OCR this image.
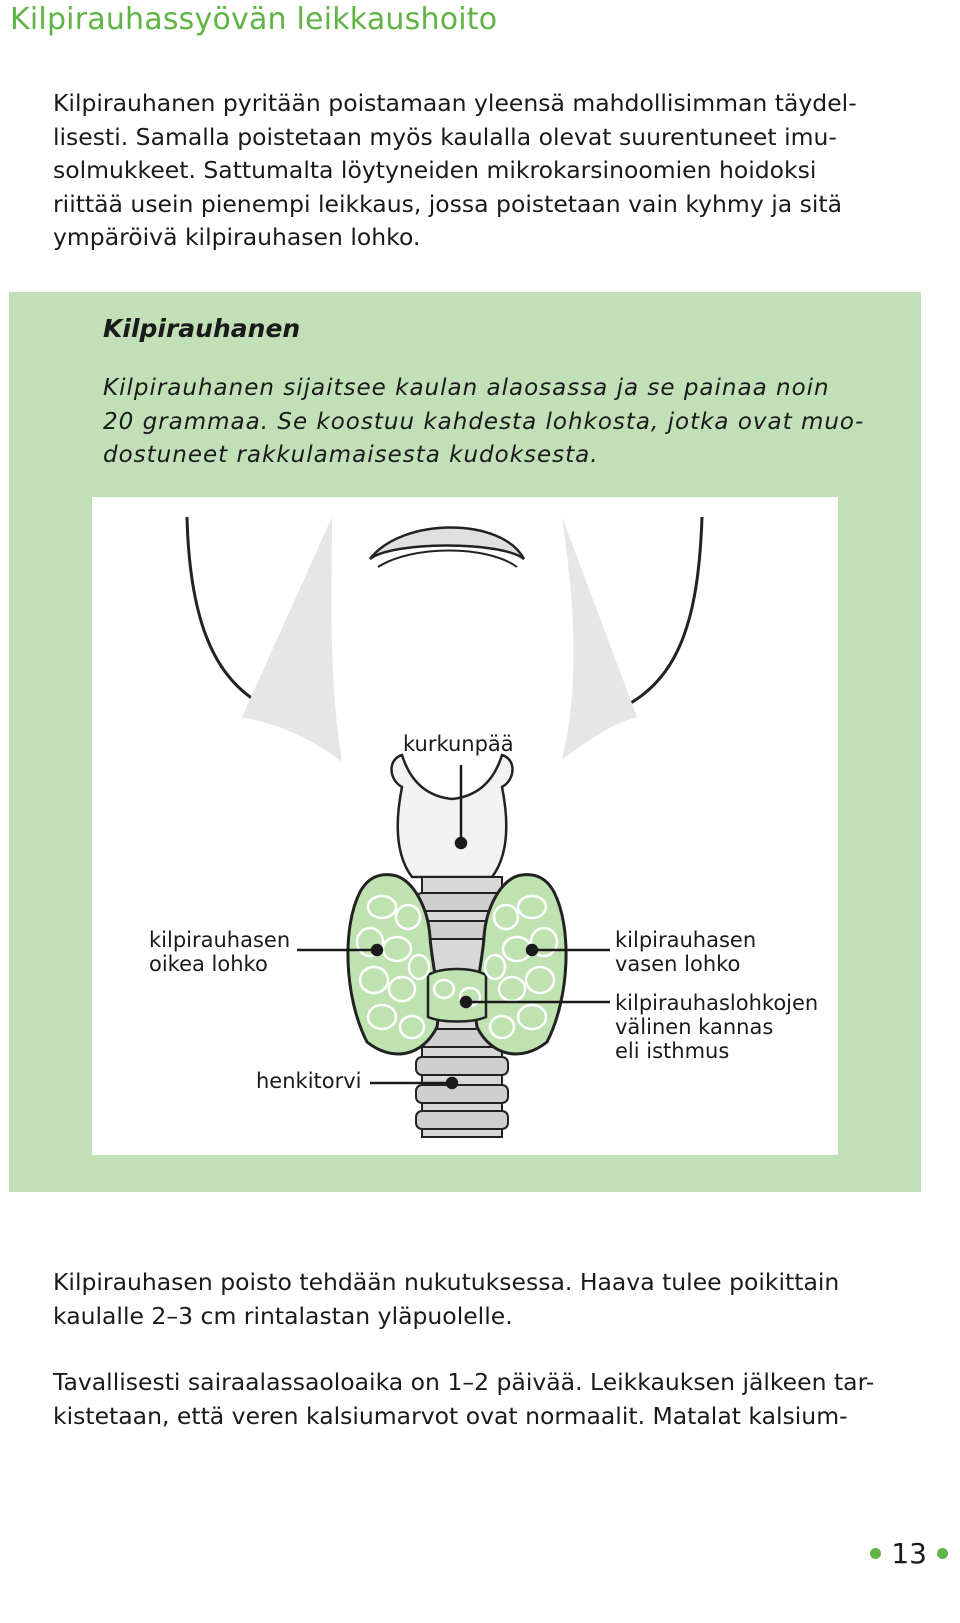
Kilpirauhassyövän leikkaushoito

Kilpirauhanen pyritään poistamaan yleensä mahdollisimman täydel-
lisesti. Samalla poistetaan myös kaulalla olevat suurentuneet imu-
solmukkeet. Sattumalta löytyneiden mikrokarsinoomien hoidoksi
riittää usein pienempi leikkaus, jossa poistetaan vain kyhmy ja sitä
ympäröivä kilpirauhasen lohko.

Kilpirauhanen

Kilpirauhanen sijaitsee kaulan alaosassa ja se painaa noin
20 grammaa. Se koostuu kahdesta lohkosta, jotka ovat muo-
dostuneet rakkulamaisesta kudoksesta.

kurkunpää
kilpirauhasen
oikea lohko
kilpirauhasen
vasen lohko
kilpirauhaslohkojen
välinen kannas
eli isthmus
henkitorvi

Kilpirauhasen poisto tehdään nukutuksessa. Haava tulee poikittain
kaulalle 2–3 cm rintalastan yläpuolelle.

Tavallisesti sairaalassaoloaika on 1–2 päivää. Leikkauksen jälkeen tar-
kistetaan, että veren kalsiumarvot ovat normaalit. Matalat kalsium-

13
